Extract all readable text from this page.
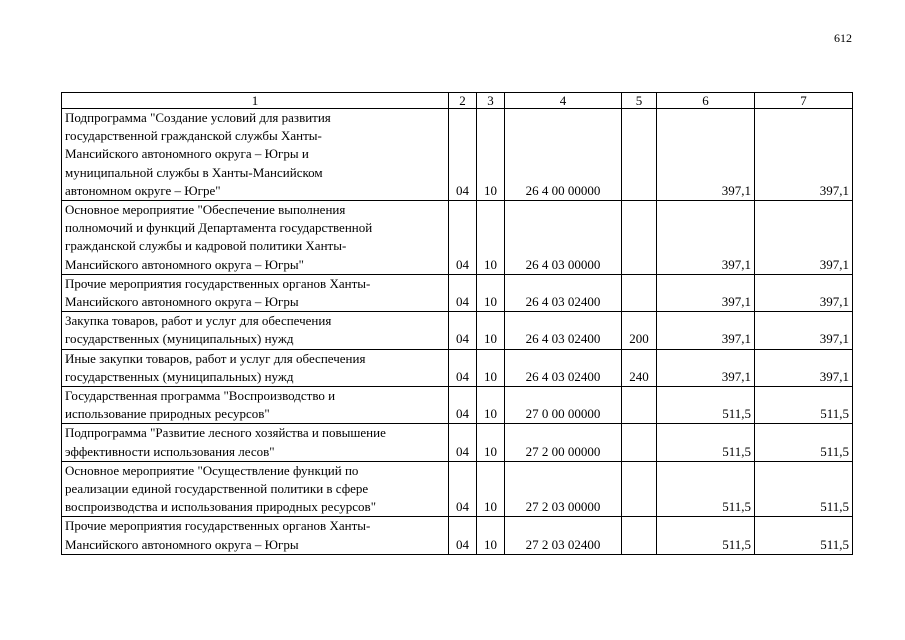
612
1	2	3	4	5	6	7
Подпрограмма "Создание условий для развития
государственной гражданской службы Ханты-
Мансийского автономного округа – Югры и
муниципальной службы в Ханты-Мансийском
автономном округе – Югре"	04	10	26 4 00 00000		397,1	397,1
Основное мероприятие "Обеспечение выполнения
полномочий и функций Департамента государственной
гражданской службы и кадровой политики Ханты-
Мансийского автономного округа – Югры"	04	10	26 4 03 00000		397,1	397,1
Прочие мероприятия государственных органов Ханты-
Мансийского автономного округа – Югры	04	10	26 4 03 02400		397,1	397,1
Закупка товаров, работ и услуг для обеспечения
государственных (муниципальных) нужд	04	10	26 4 03 02400	200	397,1	397,1
Иные закупки товаров, работ и услуг для обеспечения
государственных (муниципальных) нужд	04	10	26 4 03 02400	240	397,1	397,1
Государственная программа "Воспроизводство и
использование природных ресурсов"	04	10	27 0 00 00000		511,5	511,5
Подпрограмма "Развитие лесного хозяйства и повышение
эффективности использования лесов"	04	10	27 2 00 00000		511,5	511,5
Основное мероприятие "Осуществление функций по
реализации единой государственной политики в сфере
воспроизводства и использования природных ресурсов"	04	10	27 2 03 00000		511,5	511,5
Прочие мероприятия государственных органов Ханты-
Мансийского автономного округа – Югры	04	10	27 2 03 02400		511,5	511,5
